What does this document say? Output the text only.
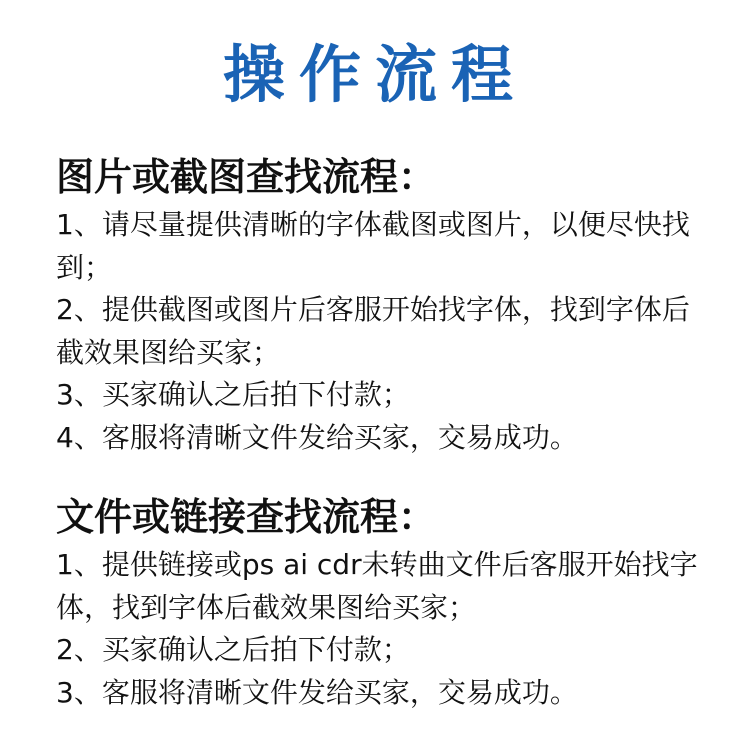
操作流程
图片或截图查找流程：

1、请尽量提供清晰的字体截图或图片，以便尽快找到；

2、提供截图或图片后客服开始找字体，找到字体后截效果图给买家；

3、买家确认之后拍下付款；

4、客服将清晰文件发给买家，交易成功。

文件或链接查找流程：

1、提供链接或ps ai cdr未转曲文件后客服开始找字体，找到字体后截效果图给买家；

2、买家确认之后拍下付款；

3、客服将清晰文件发给买家，交易成功。
